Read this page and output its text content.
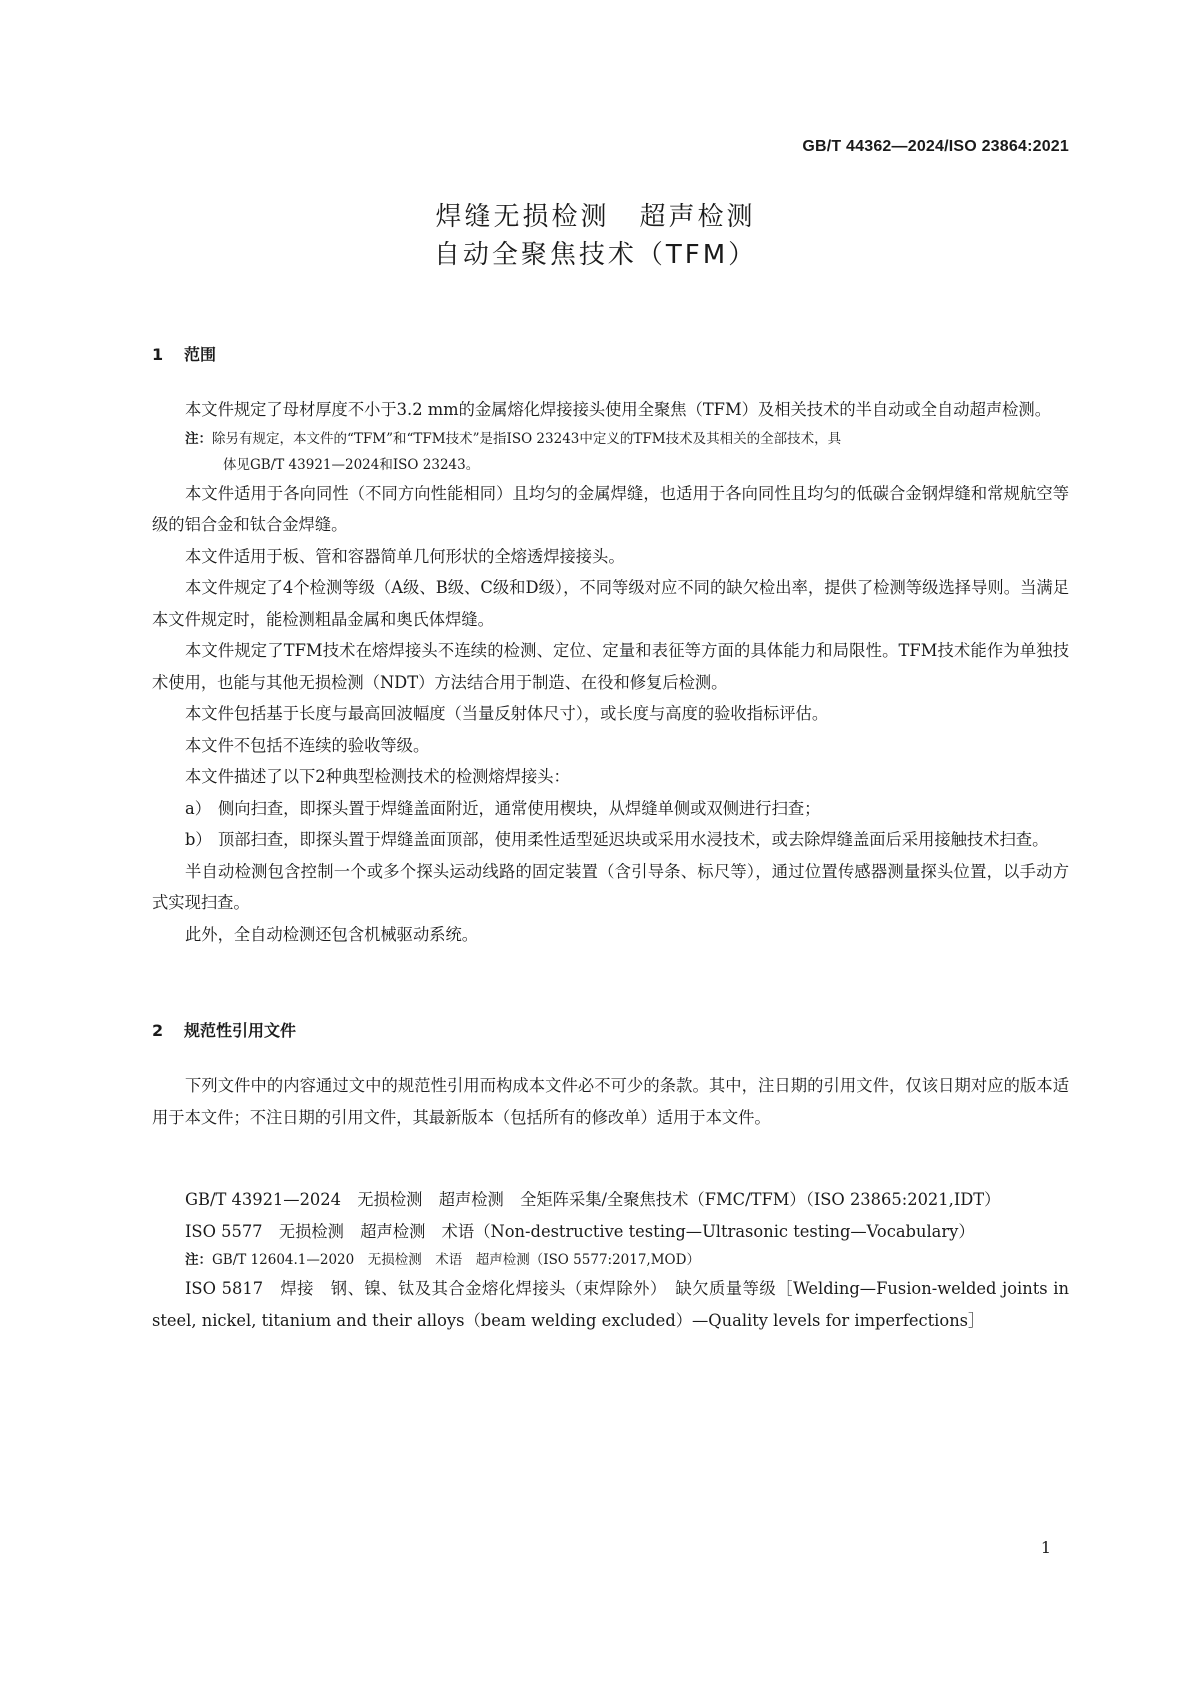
GB/T 44362—2024/ISO 23864:2021
焊缝无损检测 超声检测
自动全聚焦技术（TFM）
1 范围

本文件规定了母材厚度不小于3.2 mm的金属熔化焊接接头使用全聚焦（TFM）及相关技术的半自动或全自动超声检测。

注：除另有规定，本文件的“TFM”和“TFM技术”是指ISO 23243中定义的TFM技术及其相关的全部技术，具
体见GB/T 43921—2024和ISO 23243。

本文件适用于各向同性（不同方向性能相同）且均匀的金属焊缝，也适用于各向同性且均匀的低碳合金钢焊缝和常规航空等级的铝合金和钛合金焊缝。

本文件适用于板、管和容器简单几何形状的全熔透焊接接头。

本文件规定了4个检测等级（A级、B级、C级和D级），不同等级对应不同的缺欠检出率，提供了检测等级选择导则。当满足本文件规定时，能检测粗晶金属和奥氏体焊缝。

本文件规定了TFM技术在熔焊接头不连续的检测、定位、定量和表征等方面的具体能力和局限性。TFM技术能作为单独技术使用，也能与其他无损检测（NDT）方法结合用于制造、在役和修复后检测。

本文件包括基于长度与最高回波幅度（当量反射体尺寸），或长度与高度的验收指标评估。

本文件不包括不连续的验收等级。

本文件描述了以下2种典型检测技术的检测熔焊接头：

a） 侧向扫查，即探头置于焊缝盖面附近，通常使用楔块，从焊缝单侧或双侧进行扫查；

b） 顶部扫查，即探头置于焊缝盖面顶部，使用柔性适型延迟块或采用水浸技术，或去除焊缝盖面后采用接触技术扫查。

半自动检测包含控制一个或多个探头运动线路的固定装置（含引导条、标尺等），通过位置传感器测量探头位置，以手动方式实现扫查。

此外，全自动检测还包含机械驱动系统。

2 规范性引用文件

下列文件中的内容通过文中的规范性引用而构成本文件必不可少的条款。其中，注日期的引用文件，仅该日期对应的版本适用于本文件；不注日期的引用文件，其最新版本（包括所有的修改单）适用于本文件。

GB/T 43921—2024　无损检测　超声检测　全矩阵采集/全聚焦技术（FMC/TFM）（ISO 23865:2021,IDT）

ISO 5577　无损检测　超声检测　术语（Non-destructive testing—Ultrasonic testing—Vocabulary）

注：GB/T 12604.1—2020　无损检测　术语　超声检测（ISO 5577:2017,MOD）

ISO 5817　焊接　钢、镍、钛及其合金熔化焊接头（束焊除外）　缺欠质量等级［Welding—Fusion-welded joints in steel, nickel, titanium and their alloys（beam welding excluded）—Quality levels for imperfections］

1
